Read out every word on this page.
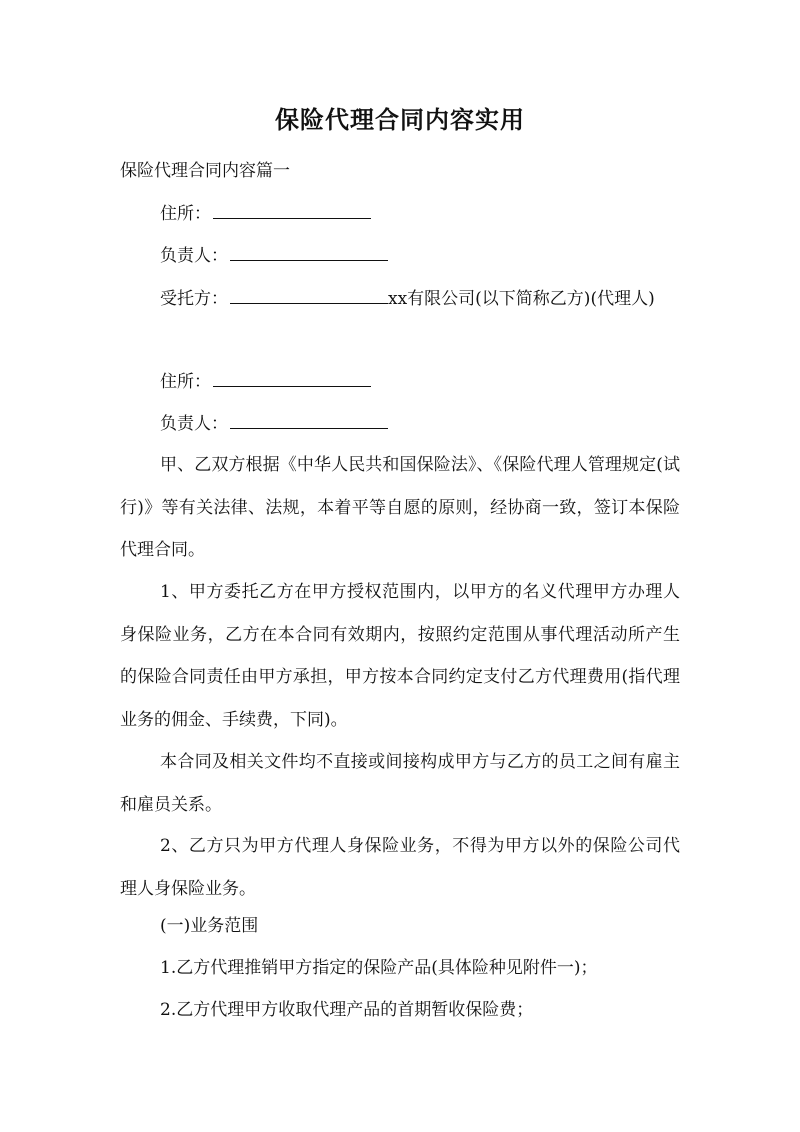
保险代理合同内容实用
保险代理合同内容篇一
住所：
负责人：
受托方：	xx有限公司(以下简称乙方)(代理人)
住所：
负责人：
甲、乙双方根据《中华人民共和国保险法》、《保险代理人管理规定(试行)》等有关法律、法规，本着平等自愿的原则，经协商一致，签订本保险代理合同。
1、甲方委托乙方在甲方授权范围内，以甲方的名义代理甲方办理人身保险业务，乙方在本合同有效期内，按照约定范围从事代理活动所产生的保险合同责任由甲方承担，甲方按本合同约定支付乙方代理费用(指代理业务的佣金、手续费，下同)。
本合同及相关文件均不直接或间接构成甲方与乙方的员工之间有雇主和雇员关系。
2、乙方只为甲方代理人身保险业务，不得为甲方以外的保险公司代理人身保险业务。
(一)业务范围
1.乙方代理推销甲方指定的保险产品(具体险种见附件一)；
2.乙方代理甲方收取代理产品的首期暂收保险费；
